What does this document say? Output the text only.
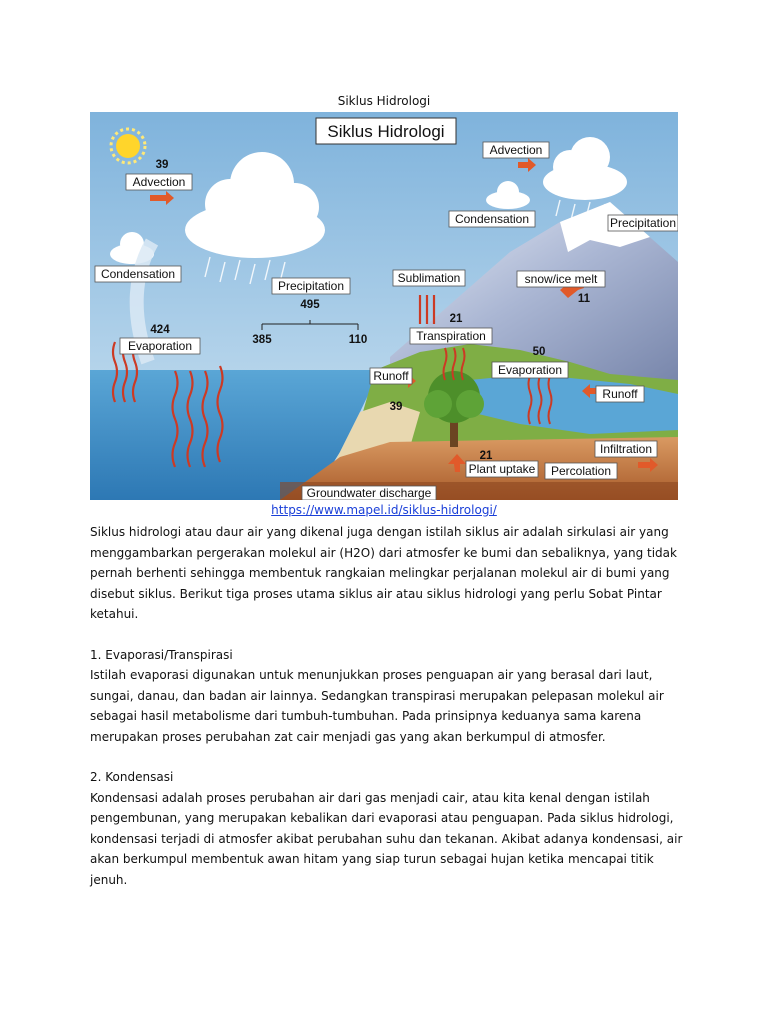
Siklus Hidrologi
Siklus Hidrologi
Advection
Advection
Condensation
Condensation
Precipitation
Precipitation
Evaporation
Evaporation
Sublimation	snow/ice melt
Transpiration
Runoff
Runoff
Infiltration
Plant uptake Percolation
Groundwater discharge
39
424
495
385	110
11
21
50
39
21
https://www.mapel.id/siklus-hidrologi/

Siklus hidrologi atau daur air yang dikenal juga dengan istilah siklus air adalah sirkulasi air yang menggambarkan pergerakan molekul air (H2O) dari atmosfer ke bumi dan sebaliknya, yang tidak pernah berhenti sehingga membentuk rangkaian melingkar perjalanan molekul air di bumi yang disebut siklus. Berikut tiga proses utama siklus air atau siklus hidrologi yang perlu Sobat Pintar ketahui.

1. Evaporasi/Transpirasi

Istilah evaporasi digunakan untuk menunjukkan proses penguapan air yang berasal dari laut, sungai, danau, dan badan air lainnya. Sedangkan transpirasi merupakan pelepasan molekul air sebagai hasil metabolisme dari tumbuh-tumbuhan. Pada prinsipnya keduanya sama karena merupakan proses perubahan zat cair menjadi gas yang akan berkumpul di atmosfer.

2. Kondensasi

Kondensasi adalah proses perubahan air dari gas menjadi cair, atau kita kenal dengan istilah pengembunan, yang merupakan kebalikan dari evaporasi atau penguapan. Pada siklus hidrologi, kondensasi terjadi di atmosfer akibat perubahan suhu dan tekanan. Akibat adanya kondensasi, air akan berkumpul membentuk awan hitam yang siap turun sebagai hujan ketika mencapai titik jenuh.
